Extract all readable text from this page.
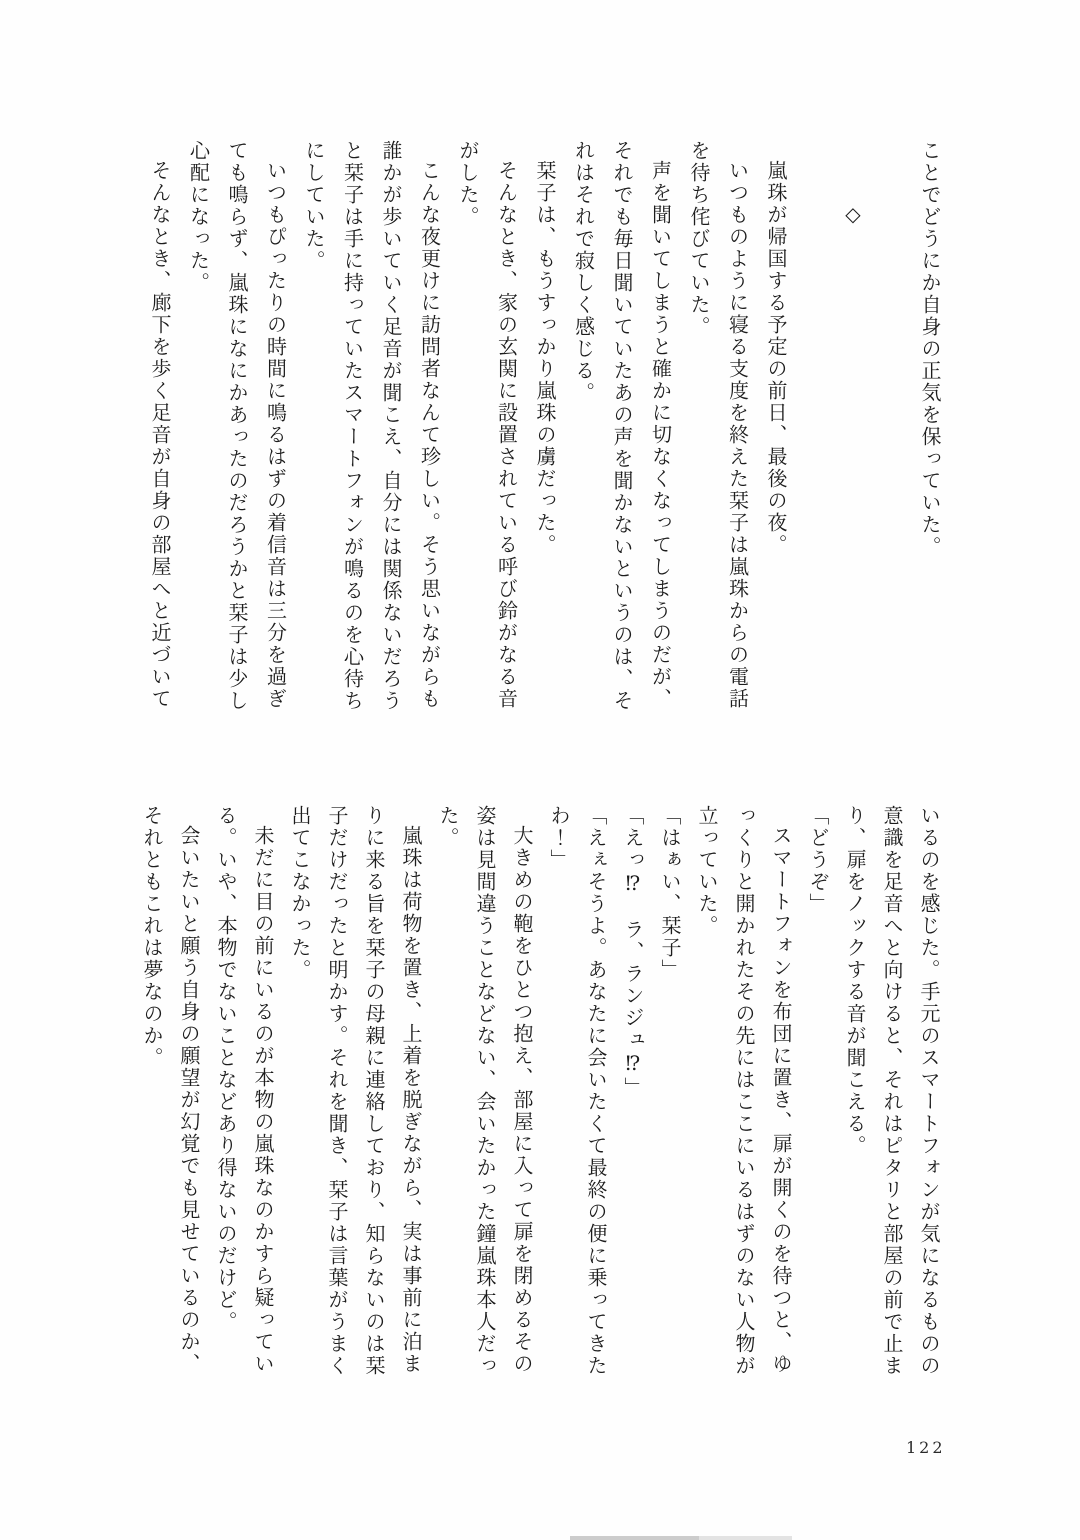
ことでどうにか自身の正気を保っていた。

◇

嵐珠が帰国する予定の前日、最後の夜。

いつものように寝る支度を終えた栞子は嵐珠からの電話を待ち侘びていた。

声を聞いてしまうと確かに切なくなってしまうのだが、それでも毎日聞いていたあの声を聞かないというのは、それはそれで寂しく感じる。

栞子は、もうすっかり嵐珠の虜だった。

そんなとき、家の玄関に設置されている呼び鈴がなる音がした。

こんな夜更けに訪問者なんて珍しい。そう思いながらも誰かが歩いていく足音が聞こえ、自分には関係ないだろうと栞子は手に持っていたスマートフォンが鳴るのを心待ちにしていた。

いつもぴったりの時間に鳴るはずの着信音は三分を過ぎても鳴らず、嵐珠になにかあったのだろうかと栞子は少し心配になった。

そんなとき、廊下を歩く足音が自身の部屋へと近づいて

いるのを感じた。手元のスマートフォンが気になるものの意識を足音へと向けると、それはピタリと部屋の前で止まり、扉をノックする音が聞こえる。

「どうぞ」

スマートフォンを布団に置き、扉が開くのを待つと、ゆっくりと開かれたその先にはここにいるはずのない人物が立っていた。

「はぁい、栞子」

「えっ⁉　ラ、ランジュ⁉」

「えぇそうよ。あなたに会いたくて最終の便に乗ってきたわ！」

大きめの鞄をひとつ抱え、部屋に入って扉を閉めるその姿は見間違うことなどない、会いたかった鐘嵐珠本人だった。

嵐珠は荷物を置き、上着を脱ぎながら、実は事前に泊まりに来る旨を栞子の母親に連絡しており、知らないのは栞子だけだったと明かす。それを聞き、栞子は言葉がうまく出てこなかった。

未だに目の前にいるのが本物の嵐珠なのかすら疑っている。いや、本物でないことなどあり得ないのだけど。

会いたいと願う自身の願望が幻覚でも見せているのか、それともこれは夢なのか。

122
